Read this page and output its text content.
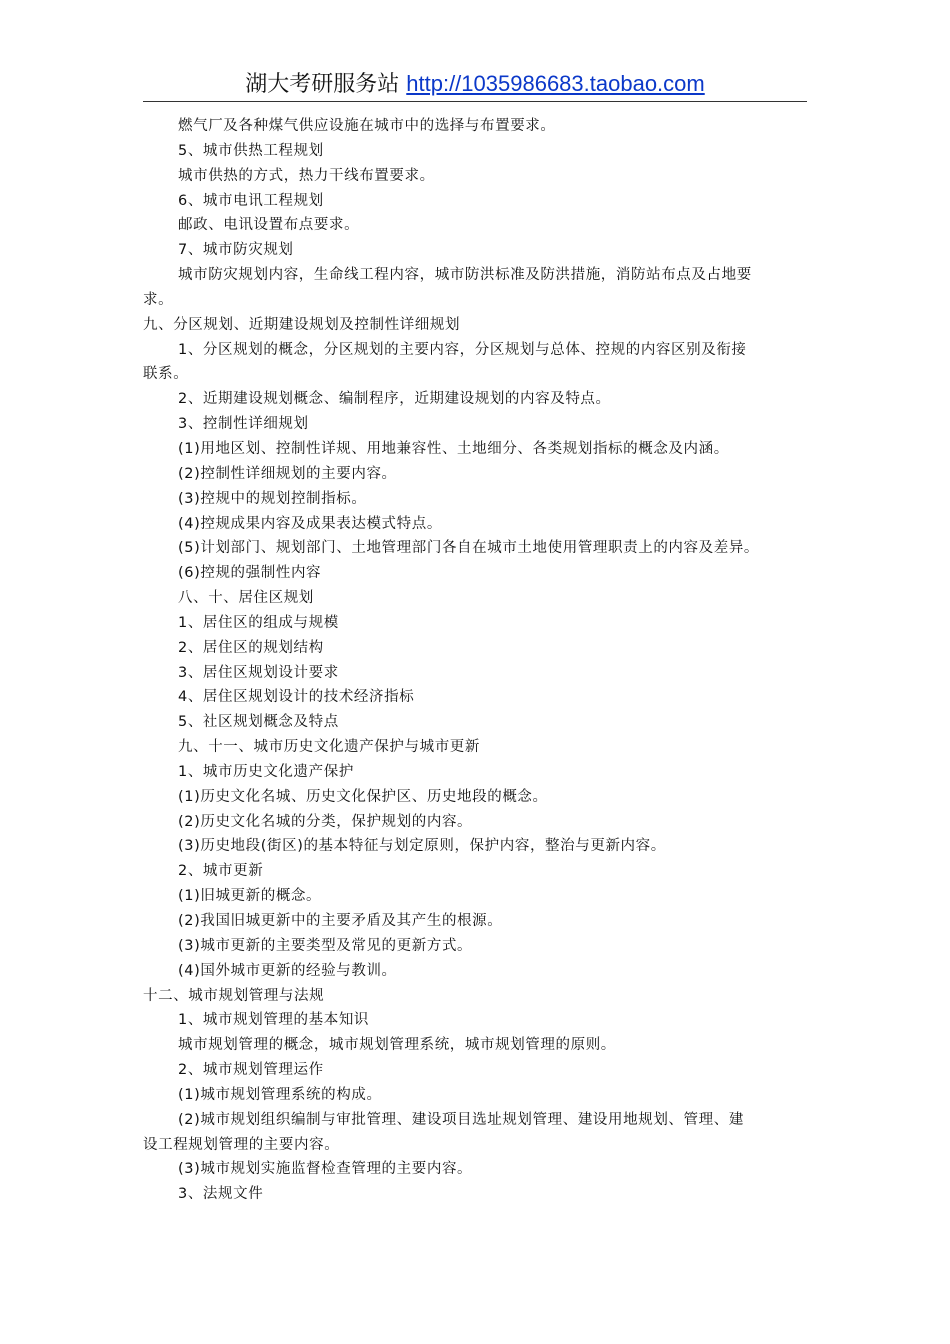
湖大考研服务站 http://1035986683.taobao.com
燃气厂及各种煤气供应设施在城市中的选择与布置要求。
5、城市供热工程规划
城市供热的方式，热力干线布置要求。
6、城市电讯工程规划
邮政、电讯设置布点要求。
7、城市防灾规划
城市防灾规划内容，生命线工程内容，城市防洪标准及防洪措施，消防站布点及占地要
求。
九、分区规划、近期建设规划及控制性详细规划
1、分区规划的概念，分区规划的主要内容，分区规划与总体、控规的内容区别及衔接
联系。
2、近期建设规划概念、编制程序，近期建设规划的内容及特点。
3、控制性详细规划
(1)用地区划、控制性详规、用地兼容性、土地细分、各类规划指标的概念及内涵。
(2)控制性详细规划的主要内容。
(3)控规中的规划控制指标。
(4)控规成果内容及成果表达模式特点。
(5)计划部门、规划部门、土地管理部门各自在城市土地使用管理职责上的内容及差异。
(6)控规的强制性内容
八、十、居住区规划
1、居住区的组成与规模
2、居住区的规划结构
3、居住区规划设计要求
4、居住区规划设计的技术经济指标
5、社区规划概念及特点
九、十一、城市历史文化遗产保护与城市更新
1、城市历史文化遗产保护
(1)历史文化名城、历史文化保护区、历史地段的概念。
(2)历史文化名城的分类，保护规划的内容。
(3)历史地段(街区)的基本特征与划定原则，保护内容，整治与更新内容。
2、城市更新
(1)旧城更新的概念。
(2)我国旧城更新中的主要矛盾及其产生的根源。
(3)城市更新的主要类型及常见的更新方式。
(4)国外城市更新的经验与教训。
十二、城市规划管理与法规
1、城市规划管理的基本知识
城市规划管理的概念，城市规划管理系统，城市规划管理的原则。
2、城市规划管理运作
(1)城市规划管理系统的构成。
(2)城市规划组织编制与审批管理、建设项目选址规划管理、建设用地规划、管理、建
设工程规划管理的主要内容。
(3)城市规划实施监督检查管理的主要内容。
3、法规文件
